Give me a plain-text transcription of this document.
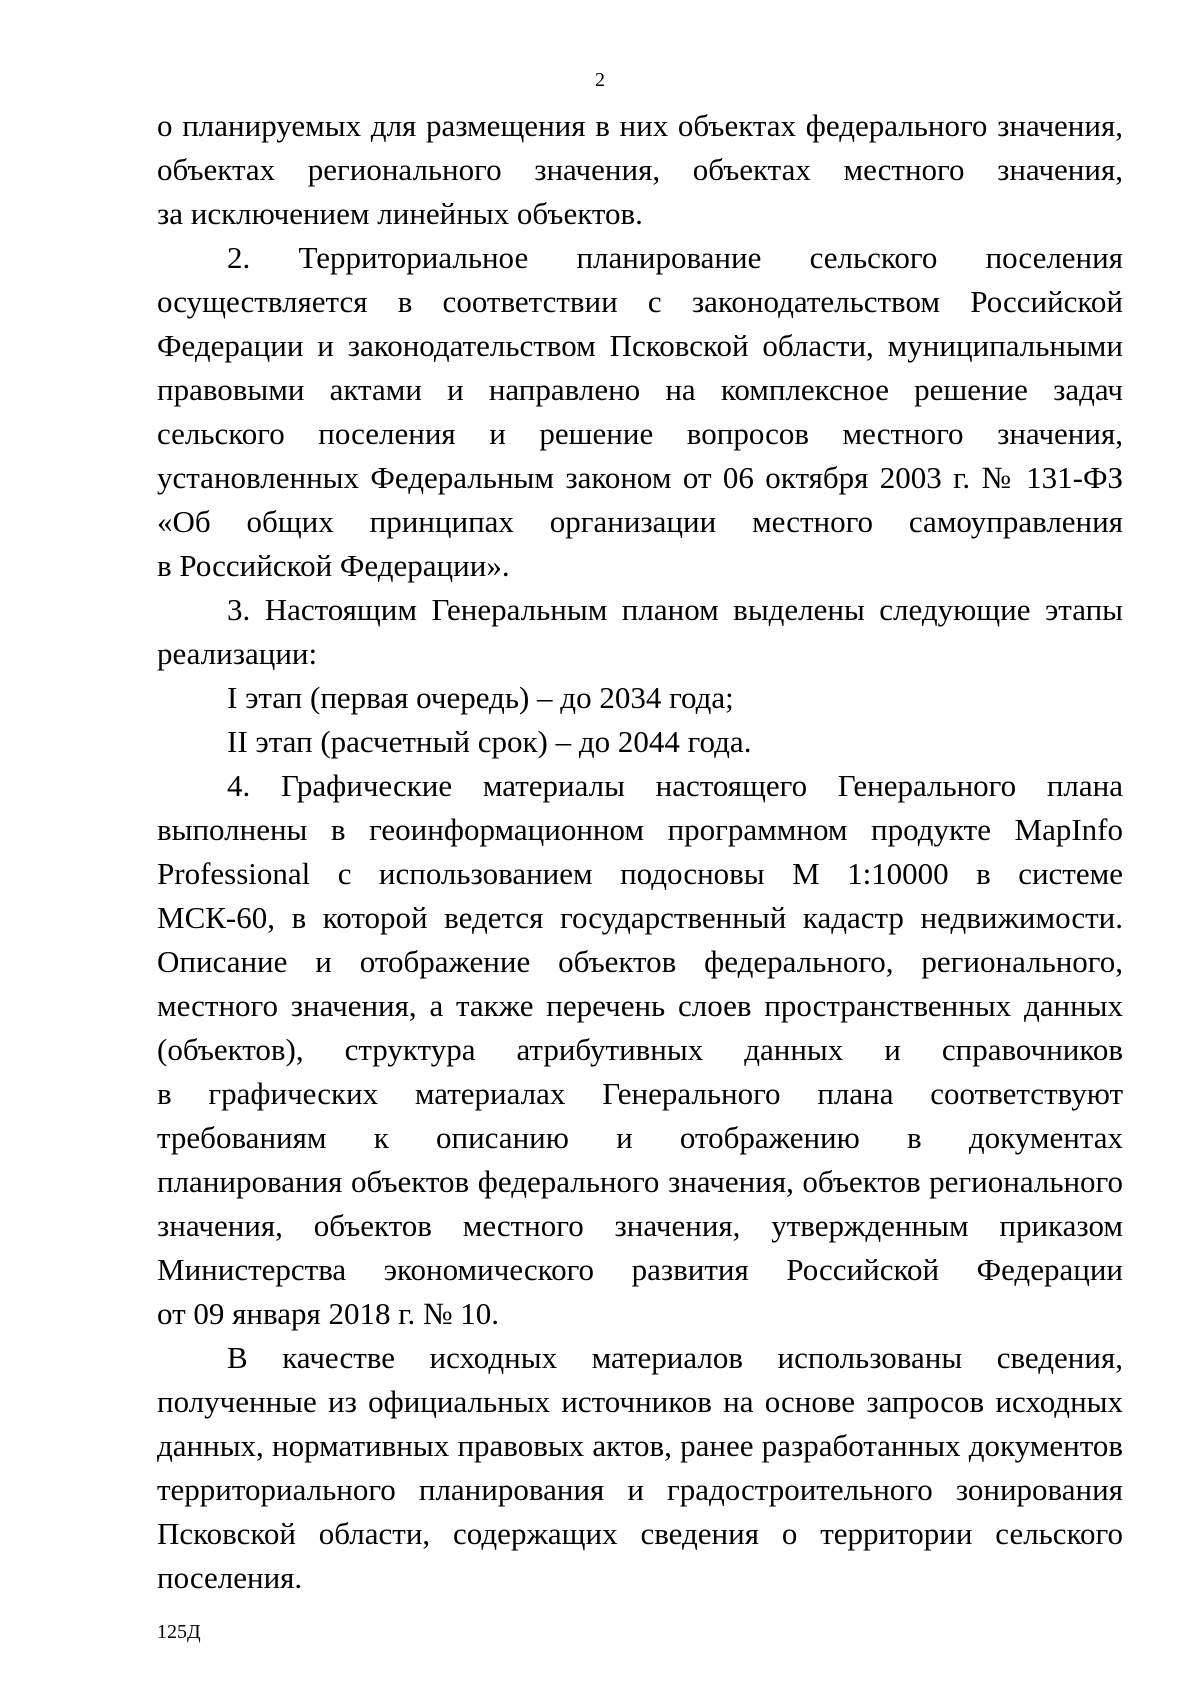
2
о планируемых для размещения в них объектах федерального значения,
объектах регионального значения, объектах местного значения,
за исключением линейных объектов.
2. Территориальное планирование сельского поселения
осуществляется в соответствии с законодательством Российской
Федерации и законодательством Псковской области, муниципальными
правовыми актами и направлено на комплексное решение задач
сельского поселения и решение вопросов местного значения,
установленных Федеральным законом от 06 октября 2003 г. № 131-ФЗ
«Об общих принципах организации местного самоуправления
в Российской Федерации».
3. Настоящим Генеральным планом выделены следующие этапы
реализации:
I этап (первая очередь) – до 2034 года;
II этап (расчетный срок) – до 2044 года.
4. Графические материалы настоящего Генерального плана
выполнены в геоинформационном программном продукте MapInfo
Professional с использованием подосновы М 1:10000 в системе
МСК-60, в которой ведется государственный кадастр недвижимости.
Описание и отображение объектов федерального, регионального,
местного значения, а также перечень слоев пространственных данных
(объектов), структура атрибутивных данных и справочников
в графических материалах Генерального плана соответствуют
требованиям к описанию и отображению в документах
планирования объектов федерального значения, объектов регионального
значения, объектов местного значения, утвержденным приказом
Министерства экономического развития Российской Федерации
от 09 января 2018 г. № 10.
В качестве исходных материалов использованы сведения,
полученные из официальных источников на основе запросов исходных
данных, нормативных правовых актов, ранее разработанных документов
территориального планирования и градостроительного зонирования
Псковской области, содержащих сведения о территории сельского
поселения.
125Д
